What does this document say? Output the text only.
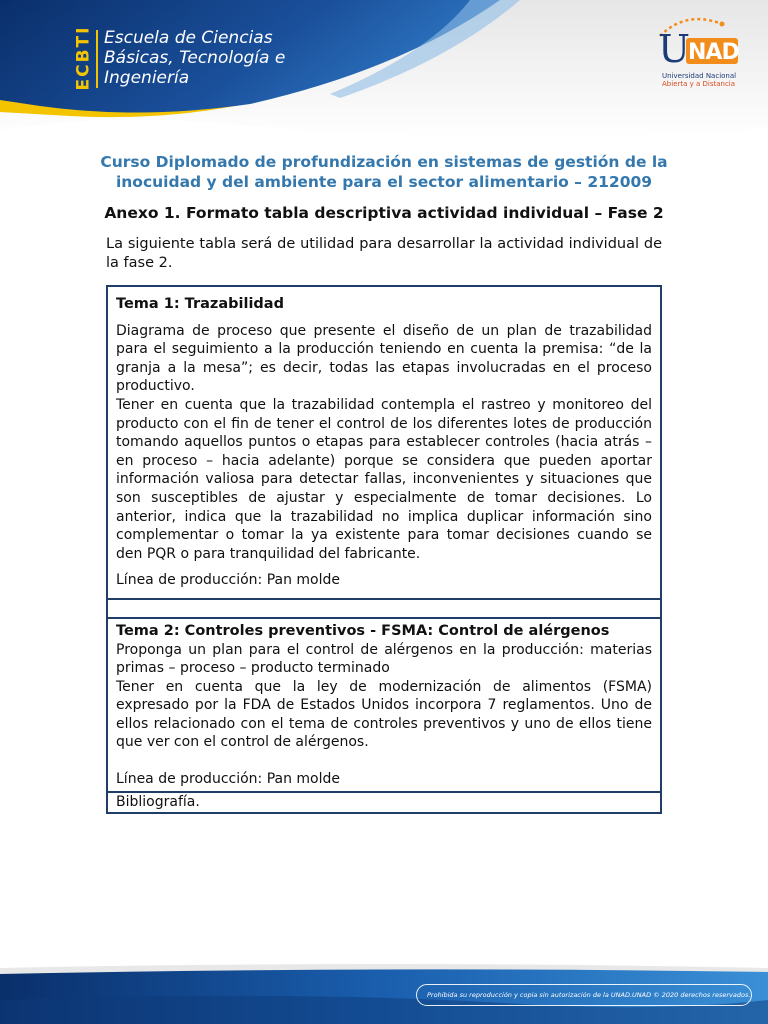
ECBTI Escuela de Ciencias
Básicas, Tecnología e
Ingeniería
U
NAD
Universidad Nacional
Abierta y a Distancia
Curso Diplomado de profundización en sistemas de gestión de la
inocuidad y del ambiente para el sector alimentario – 212009
Anexo 1. Formato tabla descriptiva actividad individual – Fase 2
La siguiente tabla será de utilidad para desarrollar la actividad individual de la fase 2.
Tema 1: Trazabilidad
Diagrama de proceso que presente el diseño de un plan de trazabilidad para el seguimiento a la producción teniendo en cuenta la premisa: “de la granja a la mesa”; es decir, todas las etapas involucradas en el proceso productivo.
Tener en cuenta que la trazabilidad contempla el rastreo y monitoreo del producto con el fin de tener el control de los diferentes lotes de producción tomando aquellos puntos o etapas para establecer controles (hacia atrás – en proceso – hacia adelante) porque se considera que pueden aportar información valiosa para detectar fallas, inconvenientes y situaciones que son susceptibles de ajustar y especialmente de tomar decisiones. Lo anterior, indica que la trazabilidad no implica duplicar información sino complementar o tomar la ya existente para tomar decisiones cuando se den PQR o para tranquilidad del fabricante.
Línea de producción: Pan molde
Tema 2: Controles preventivos - FSMA: Control de alérgenos
Proponga un plan para el control de alérgenos en la producción: materias primas – proceso – producto terminado
Tener en cuenta que la ley de modernización de alimentos (FSMA) expresado por la FDA de Estados Unidos incorpora 7 reglamentos. Uno de ellos relacionado con el tema de controles preventivos y uno de ellos tiene que ver con el control de alérgenos.
Línea de producción: Pan molde
Bibliografía.
Prohibida su reproducción y copia sin autorización de la UNAD. UNAD © 2020 derechos reservados.
